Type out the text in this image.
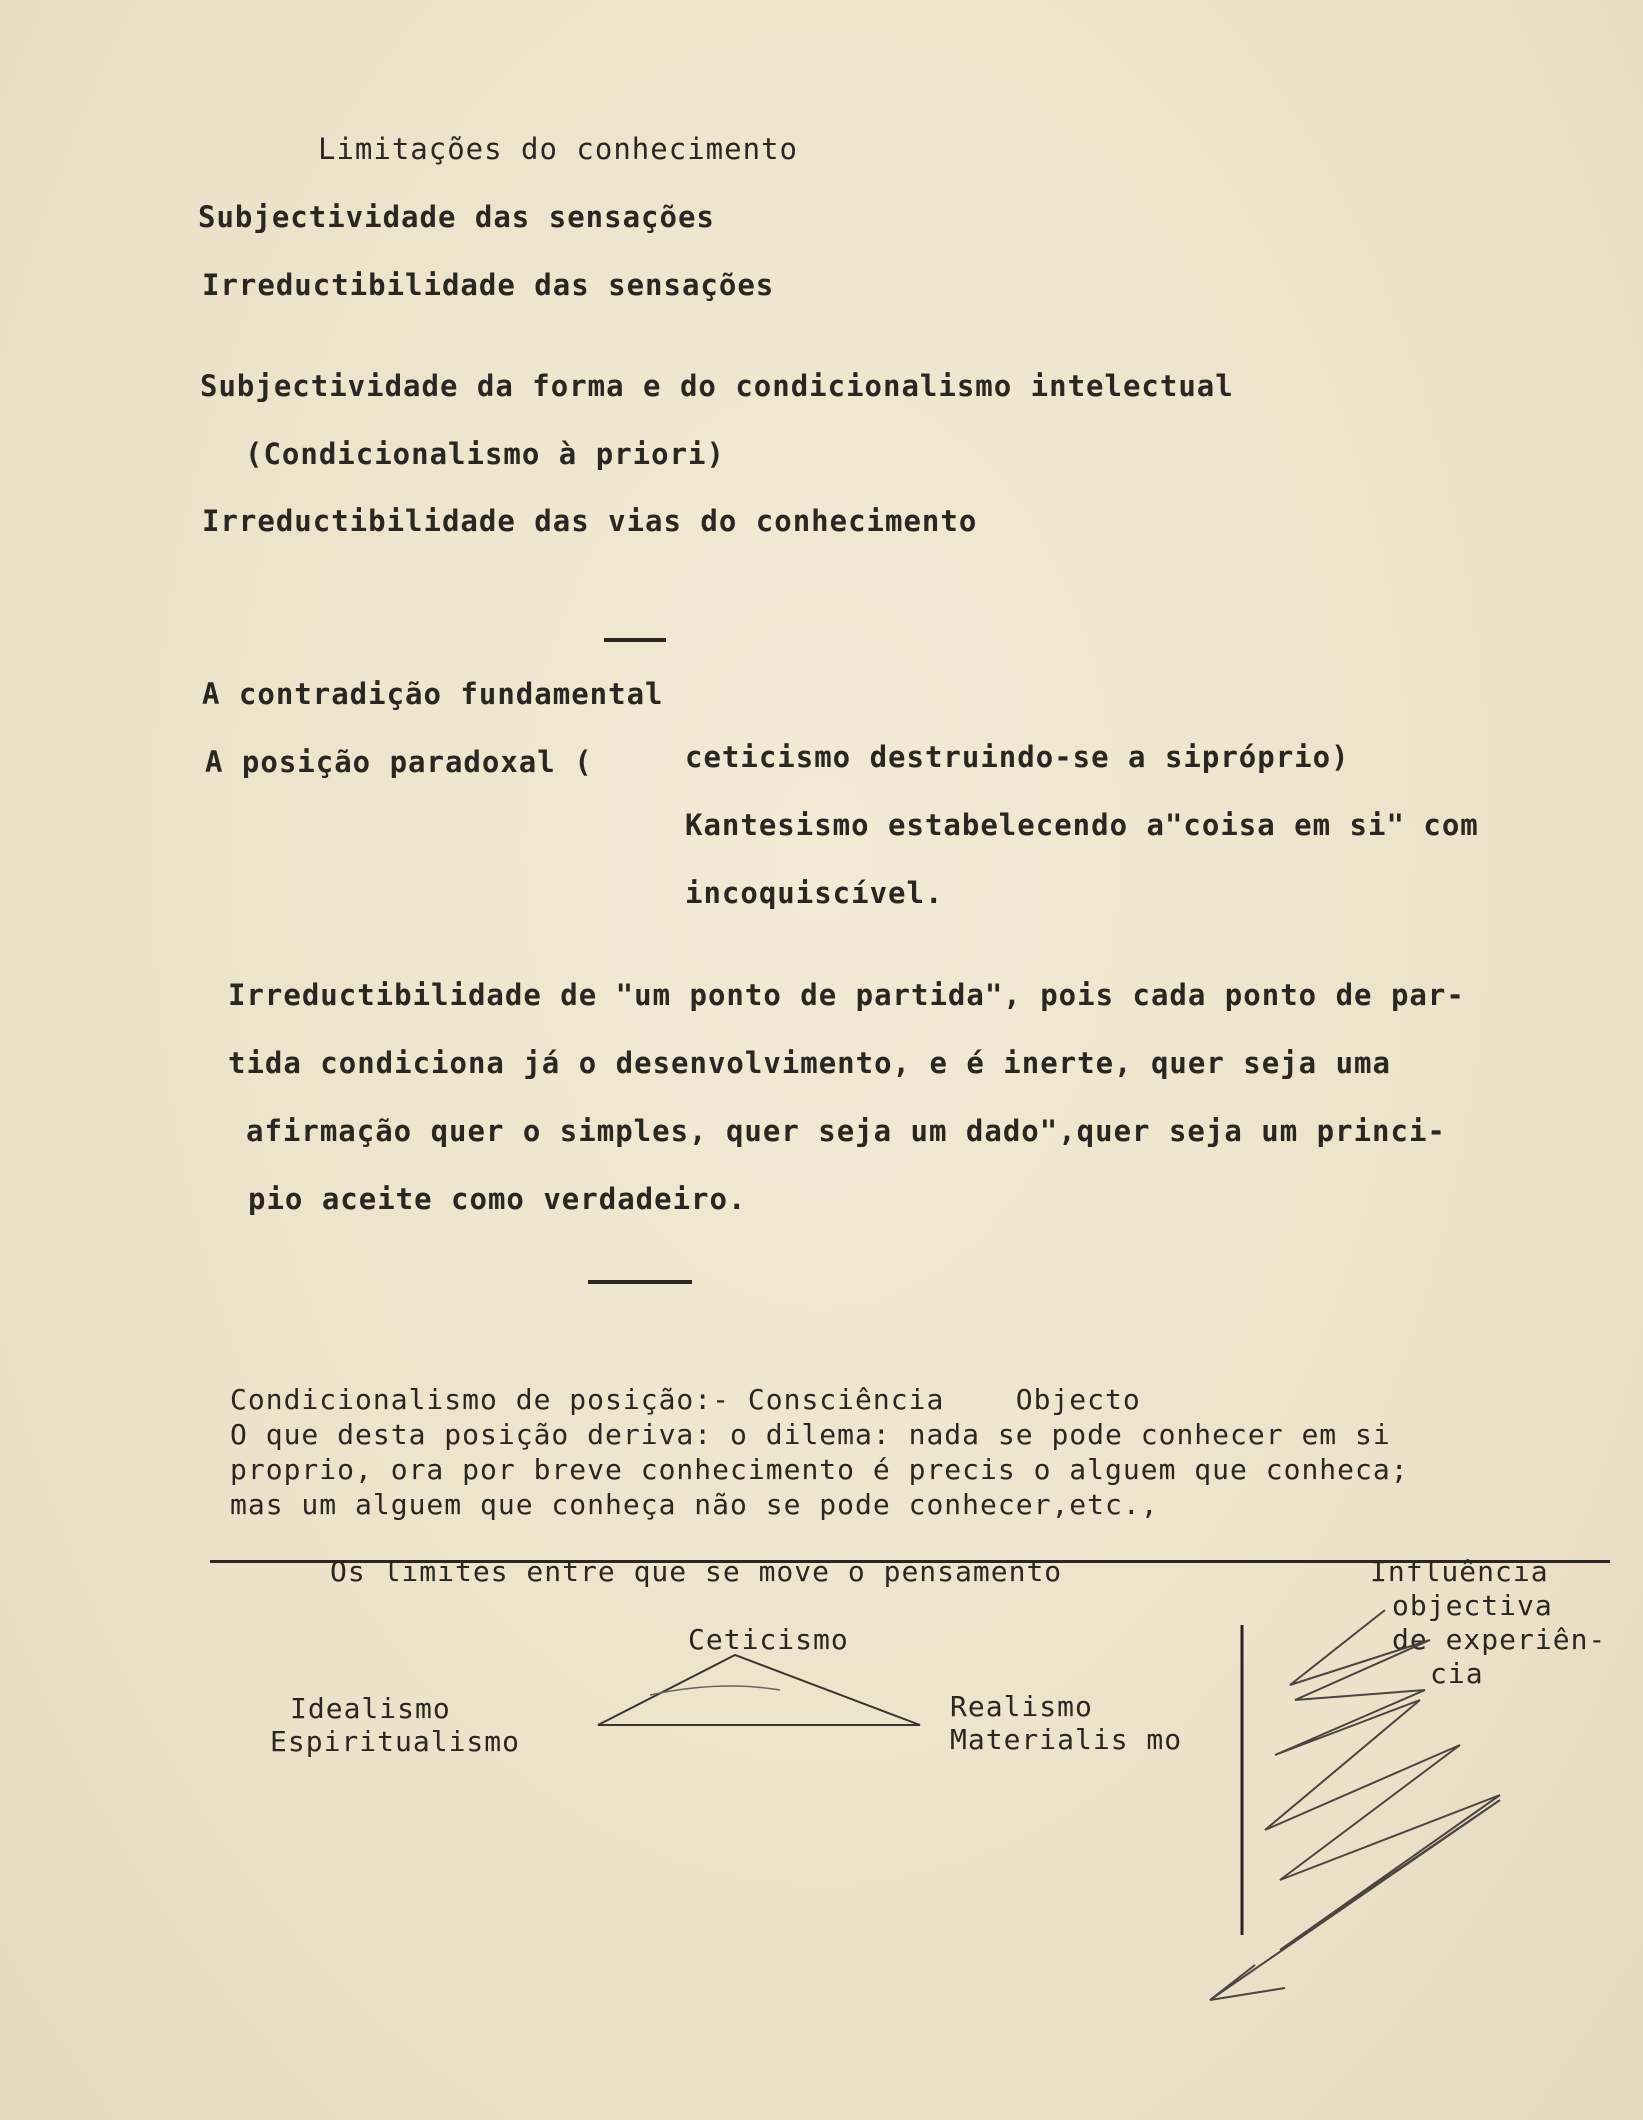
Limitações do conhecimento
Subjectividade das sensações
Irreductibilidade das sensações
Subjectividade da forma e do condicionalismo intelectual
(Condicionalismo à priori)
Irreductibilidade das vias do conhecimento
A contradição fundamental
A posição paradoxal (	ceticismo destruindo-se a sipróprio)
Kantesismo estabelecendo a"coisa em si" com
incoquiscível.
Irreductibilidade de "um ponto de partida", pois cada ponto de par-
tida condiciona já o desenvolvimento, e é inerte, quer seja uma
afirmação quer o simples, quer seja um dado",quer seja um princi-
pio aceite como verdadeiro.
Condicionalismo de posição:- Consciência    Objecto
O que desta posição deriva: o dilema: nada se pode conhecer em si
proprio, ora por breve conhecimento é precis o alguem que conheca;
mas um alguem que conheça não se pode conhecer,etc.,
Os limites entre que se move o pensamento
Ceticismo
Idealismo
Espiritualismo
Realismo
Materialis mo
Influência
objectiva
de experiên-
cia
